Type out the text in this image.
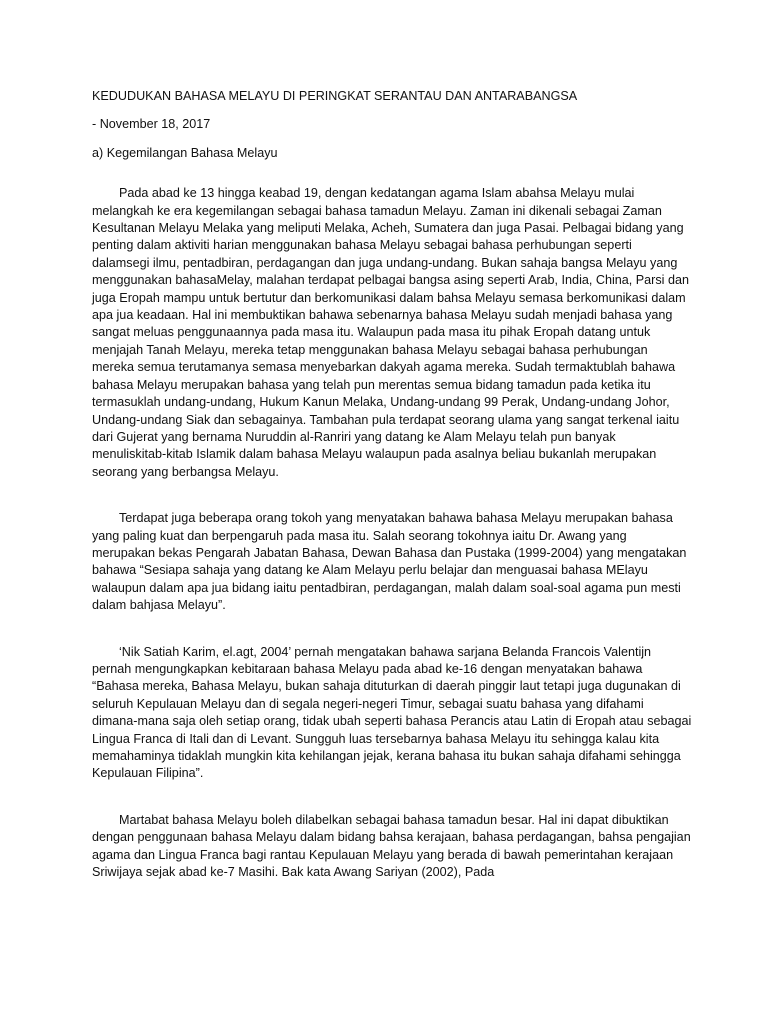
KEDUDUKAN BAHASA MELAYU DI PERINGKAT SERANTAU DAN ANTARABANGSA
- November 18, 2017
a) Kegemilangan Bahasa Melayu

Pada abad ke 13 hingga keabad 19, dengan kedatangan agama Islam abahsa Melayu mulai melangkah ke era kegemilangan sebagai bahasa tamadun Melayu. Zaman ini dikenali sebagai Zaman Kesultanan Melayu Melaka yang meliputi Melaka, Acheh, Sumatera dan juga Pasai. Pelbagai bidang yang penting dalam aktiviti harian menggunakan bahasa Melayu sebagai bahasa perhubungan seperti dalamsegi ilmu, pentadbiran, perdagangan dan juga undang-undang. Bukan sahaja bangsa Melayu yang menggunakan bahasaMelay, malahan terdapat pelbagai bangsa asing seperti Arab, India, China, Parsi dan juga Eropah mampu untuk bertutur dan berkomunikasi dalam bahsa Melayu semasa berkomunikasi dalam apa jua keadaan. Hal ini membuktikan bahawa sebenarnya bahasa Melayu sudah menjadi bahasa yang sangat meluas penggunaannya pada masa itu. Walaupun pada masa itu pihak Eropah datang untuk menjajah Tanah Melayu, mereka tetap menggunakan bahasa Melayu sebagai bahasa perhubungan mereka semua terutamanya semasa menyebarkan dakyah agama mereka. Sudah termaktublah bahawa bahasa Melayu merupakan bahasa yang telah pun merentas semua bidang tamadun pada ketika itu termasuklah undang-undang, Hukum Kanun Melaka, Undang-undang 99 Perak, Undang-undang Johor, Undang-undang Siak dan sebagainya. Tambahan pula terdapat seorang ulama yang sangat terkenal iaitu dari Gujerat yang bernama Nuruddin al-Ranriri yang datang ke Alam Melayu telah pun banyak menuliskitab-kitab Islamik dalam bahasa Melayu walaupun pada asalnya beliau bukanlah merupakan seorang yang berbangsa Melayu.

Terdapat juga beberapa orang tokoh yang menyatakan bahawa bahasa Melayu merupakan bahasa yang paling kuat dan berpengaruh pada masa itu. Salah seorang tokohnya iaitu Dr. Awang yang merupakan bekas Pengarah Jabatan Bahasa, Dewan Bahasa dan Pustaka (1999-2004) yang mengatakan bahawa “Sesiapa sahaja yang datang ke Alam Melayu perlu belajar dan menguasai bahasa MElayu walaupun dalam apa jua bidang iaitu pentadbiran, perdagangan, malah dalam soal-soal agama pun mesti dalam bahjasa Melayu”.

‘Nik Satiah Karim, el.agt, 2004’ pernah mengatakan bahawa sarjana Belanda Francois Valentijn pernah mengungkapkan kebitaraan bahasa Melayu pada abad ke-16 dengan menyatakan bahawa “Bahasa mereka, Bahasa Melayu, bukan sahaja dituturkan di daerah pinggir laut tetapi juga dugunakan di seluruh Kepulauan Melayu dan di segala negeri-negeri Timur, sebagai suatu bahasa yang difahami dimana-mana saja oleh setiap orang, tidak ubah seperti bahasa Perancis atau Latin di Eropah atau sebagai Lingua Franca di Itali dan di Levant. Sungguh luas tersebarnya bahasa Melayu itu sehingga kalau kita memahaminya tidaklah mungkin kita kehilangan jejak, kerana bahasa itu bukan sahaja difahami sehingga Kepulauan Filipina”.

Martabat bahasa Melayu boleh dilabelkan sebagai bahasa tamadun besar. Hal ini dapat dibuktikan dengan penggunaan bahasa Melayu dalam bidang bahsa kerajaan, bahasa perdagangan, bahsa pengajian agama dan Lingua Franca bagi rantau Kepulauan Melayu yang berada di bawah pemerintahan kerajaan Sriwijaya sejak abad ke-7 Masihi. Bak kata Awang Sariyan (2002), Pada
